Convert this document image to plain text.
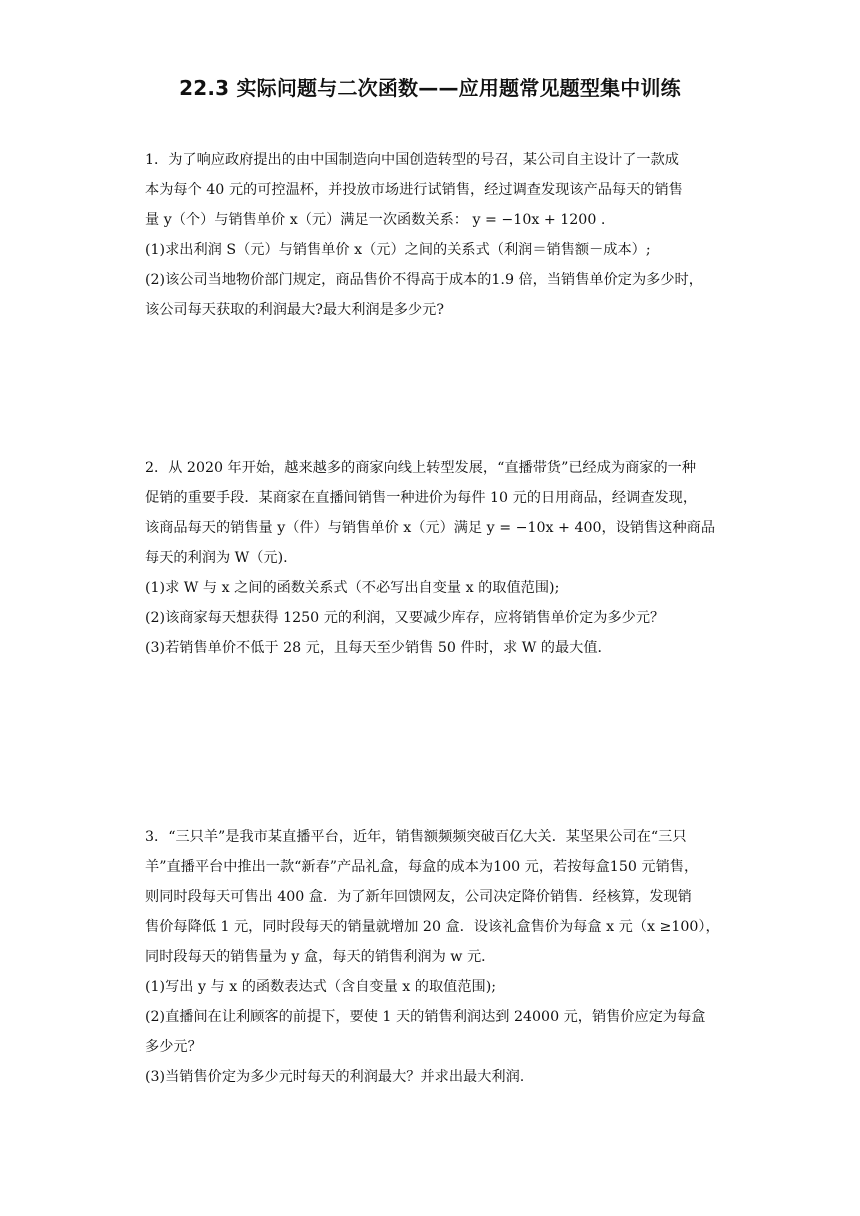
22.3 实际问题与二次函数——应用题常见题型集中训练

1．为了响应政府提出的由中国制造向中国创造转型的号召，某公司自主设计了一款成

本为每个 40 元的可控温杯，并投放市场进行试销售，经过调查发现该产品每天的销售

量 y（个）与销售单价 x（元）满足一次函数关系： y = −10x + 1200 .

(1)求出利润 S（元）与销售单价 x（元）之间的关系式（利润＝销售额－成本）;

(2)该公司当地物价部门规定，商品售价不得高于成本的1.9 倍，当销售单价定为多少时，

该公司每天获取的利润最大?最大利润是多少元?

2．从 2020 年开始，越来越多的商家向线上转型发展，“直播带货”已经成为商家的一种

促销的重要手段．某商家在直播间销售一种进价为每件 10 元的日用商品，经调查发现，

该商品每天的销售量 y（件）与销售单价 x（元）满足 y = −10x + 400，设销售这种商品

每天的利润为 W（元).

(1)求 W 与 x 之间的函数关系式（不必写出自变量 x 的取值范围);

(2)该商家每天想获得 1250 元的利润，又要减少库存，应将销售单价定为多少元？

(3)若销售单价不低于 28 元，且每天至少销售 50 件时，求 W 的最大值．

3．“三只羊”是我市某直播平台，近年，销售额频频突破百亿大关．某坚果公司在“三只

羊”直播平台中推出一款“新春”产品礼盒，每盒的成本为100 元，若按每盒150 元销售，

则同时段每天可售出 400 盒．为了新年回馈网友，公司决定降价销售．经核算，发现销

售价每降低 1 元，同时段每天的销量就增加 20 盒．设该礼盒售价为每盒 x 元（x ≥100），

同时段每天的销售量为 y 盒，每天的销售利润为 w 元．

(1)写出 y 与 x 的函数表达式（含自变量 x 的取值范围);

(2)直播间在让利顾客的前提下，要使 1 天的销售利润达到 24000 元，销售价应定为每盒

多少元？

(3)当销售价定为多少元时每天的利润最大？并求出最大利润.
